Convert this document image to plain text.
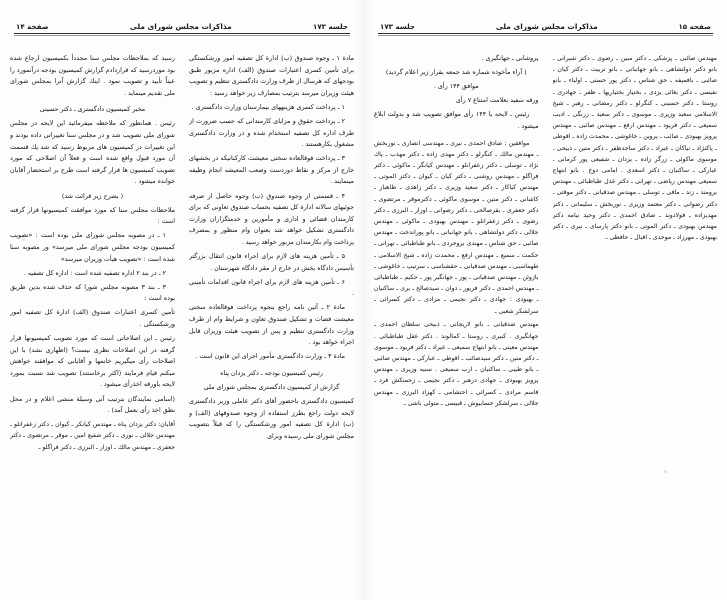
صفحه ۱۵
مذاکرات مجلس شورای ملی
جلسه ۱۷۳

مهندس صائبی ـ پزشکی ـ دكتر مبین ـ رضوی ـ دكتر شیرانی ـ بانو دكتر دولتشاهی ـ بانو جهانبانی ـ بانو تربیت ـ دكتر کیان ـ صائبی ـ بافمیفه ـ حق شناس ـ دكتر پور حسنی ـ اولیاء ـ بانو نفیسی ـ دكتر بغائی یزدی ـ بختیار بختیاریها ـ ظفر ـ جهادری ـ روستا ـ دكتر حسینی ـ كنگرلو ـ دكتر رمضانی ـ رهبر ـ شیخ الاسلامی سعید وزیری ـ موسوی ـ دكتر سعید ـ زرنگی ـ ادیب سمیعی ـ دكتر فریود ـ مهندس ارفع ـ مهندس صائبی ـ مهندس پرویز بهبودی ـ صائب ـ پروین ـ خاغوشی ـ محمدت زاده ـ اقوطی ـ پاکنژاد ـ نیاکان ـ عیراد ـ دكتر ساجدظفر ـ دكتر متین ـ ذبیحی ـ موسوی ماکوئی ـ زرگر زاده ـ یزدان ـ شفیعی پور کرمانی ـ عبارکی ـ ساکنیان ـ دكتر اسعدی . امامی دوخ . بانو ابتهاج سمیعی مهندس ریاضی ـ تهرانی ـ دكتر عدل طباطبائی ـ مهندس برومند ـ زند ـ مافی ـ توسلی ـ مهندس صدقیانی ـ دكتر موقتی ـ دكتر رضوانی ـ دكتر معتمد وزیری ـ نوربخش ـ سلیمانی ـ دكتر مهدیزاده ـ فولادوند ـ صادق احمدی ـ دكتر وحید نیامه دكتر مهندس بهبودی ـ دكتر الموتی ـ بانو دكتر پارسای ـ نیری ـ دكتر بهبودی ـ مهرزاد ـ موحدی ـ اقبال ـ حافظی ـ

پروشانی ـ جهانگیری .

( آراء مأخوذه شماره شد جمعه بقرار زیر اعلام گردید)

موافق ۱۴۴ رأی .

ورقه سفید بعلامت امتناع ۷ رأی

رئیس ـ لایحه با ۱۴۴ رأی موافق تصویب شد و بدولت ابلاغ میشود .

موافقین : صادق احمدی ـ نیری ـ مهندسی انصاری ـ نوربخش ـ مهندس مالك ـ كنگرلو ـ دكتر مهدی زاده ـ دكتر مهذب ـ پاك نژاد ـ توسلی ـ دكتر زعفرانلو ـ مهندس كیانگر ـ ماکوئی ـ دكتر فراگلو ـ مهندس روشنی ـ دكتر کیان ـ كیوان ـ دكتر الموتی ـ مهندس كیاکار ـ دكتر سعید وزیری ـ دكتر زاهدی ـ طاهباز ـ کاشانی ـ دكتر متین ـ موسوی ماکوئی ـ دکترموقر ـ مرتضوی ـ دكتر جعفری ـ بقرصالحی ـ دكتر رضوانی ـ اوزار ـ البرزی ـ دكتر رضوی ـ دكتر زعفرانلو ـ مهندس بهبودی ـ ماكوئی ـ مهندس جلالی ـ دكتر دولتشاهی ـ بانو جهانبانی ـ بانو پوراندخت ـ مهندس صائبی ـ حق شناس ـ مهندی بروجردی ـ بانو طباطبائی ـ تهرانی ـ حکمت ـ سمیع ـ مهندس ارفع ـ محمدت زاده ـ شیخ الاسلامی ـ طهماسبی ـ مهندس صدقیانی ـ حقشناسی ـ سرتیپ ـ خاغوشی ـ باژوئن ـ مهندس صدقیانی ـ پور ـ جهانگیر پور ـ حکیم ـ طباطبائی ـ مهندس احمدی ـ دكتر فریور ـ دوان ـ سیدصالح ـ بری ـ ساکنیان ـ بهبودی : جهادی ـ دكتر نجیمی ـ مرادی ـ دكتر کسرائی ـ سرلشکر شغبی ـ

مهندس صدقیانی ـ بانو لاریجانی ـ ذبیحی سلطان احمدی ـ جهانگیری . کبیری ـ روستا ـ کمالوند . دکتر عقل طباطبائی . مهندس معینی ـ بانو ابتهاج سمیعی ـ عیراد ـ دكتر فریود ـ موسوی ـ دكتر متین ـ دكتر سیدصائب ـ اقوطی ـ عبارکی ـ مهندس صائبی ـ بانو طیبی ـ ساکنیان ـ ارب سمیعی . سنیه وزیری ـ مهندس پرویز بهبودی ـ جهادی درهبر ـ دكتر نجیمی ـ زحمتکش فرد ـ قاسم مرادی ـ كسرائی ـ احتشامی ـ کهزاد البرزی ـ مهندس جلالی ـ سرلشکر حسابیوش ـ قبیسی ـ متولی باشی ـ

جلسه ۱۷۳
مذاکرات مجلس شورای ملی
صفحة ۱۴

مادة ۱ ـ وجوه صندوق (ب) ادارة كل تصفیه امور ورشکستگی برای تأمین کسری اعتبارات صندوق (الف) اداره مزبور طبق بودجهای که هرسال از طرف وزارت دادگستری تنظیم و تصویب هیئت وزیران میرسد بترتیب بمصارف زیر خواهد رسید :

۱ ـ پرداخت کسری هزینههای بیمارستان وزارت دادگستری .

۲ ـ پرداخت حقوق و مزایای کارمندانی که حسب ضرورت از طرف اداره كل تصفیه استخدام شده و در وزارت دادگستری مشغول بکارهستند .

۳ ـ پرداخت فوقالعاده سختی معیشت کارکنانیکه در بخشهای خارج از مرکز و نقاط دوردست وصعب المعیشه انجام وظیفه مینمایند .

۴ ـ قسمتی از وجوه صندوق (ب) وجوه حاصل از صرفه جوئیهای سالانه ادارة كل تصفیه بحساب صندوق تعاونی که برای کارمندان قضائی و اداری و مأمورین و خدمتگزاران وزارت دادگستری تشکیل خواهد شد بعنوان وام منظور و بمصرف پرداخت وام بکارمندان مزبور خواهد رسید .

۵ ـ تأمین هزینه های لازم برای اجراء قانون انتقال بزرگتر تأسیس دادگاه بخش در خارج از مقر دادگاه شهرستان .

۶ ـ تأمین هزینه های لازم برای اجراء قانون اقدامات تأمینی .

مادة ۲ ـ آئین نامه راجع بنحوه پرداخت فوقالعاده سختی معیشت قضات و تشکیل صندوق تعاون و شرایط وام از طرف وزارت دادگستری تنظیم و پس از تصویب هیئت وزیران قابل اجراء خواهد بود .

مادة ۳ ـ وزارت دادگستری مأمور اجرای این قانون است .

رئیس کمیسیون بودجه ـ دكتر یزدان پناه

گزارش از کمیسیون دادگستری بمجلس شورای ملی

کمیسیون دادگستری باحضور آقای دكتر عاملی وزیر دادگستری لایحه دولت راجع بطرز استفاده از وجوه صندوقهای (الف) و (ب) ادارة كل تصفیه امور ورشکستگی را که قبلاً بتصویب مجلس شورای ملی رسیده وبرای

رسید که بملاحظات مجلس سنا مجددأ بکمیسیون ارجاع شده بود موردرسید که قراردادم گزارش کمیسیون بودجه درآنمورد را عیناً تأیید و تصویب نمود . اینك گزارش آنرا بمجلس شورای ملی تقدیم مینماید .

مخبر کمیسیون دادگستری ـ دكتر حسینی

رئیس . همانطور که ملاحظه میفرمائید این لایحه در مجلس شورای ملی تصویب شد و در مجلس سنا تغییراتی داده بودند و این تغییرات در کمیسیون های مربوط رسید که شد یك قسمت آن مورد قبول واقع شده است و فعلاً آن اصلاحی که مورد تصویب کمیسیون ها قرار گرفته است طرح بر استحضار آقایان خوانده میشود .

( بشرح زیر قرائت شد)

ملاحظات مجلس سنا که مورد موافقت کمیسیونها قرار گرفته است :

۱ ـ در مصوبه مجلس شورای ملی بوده است : «تصویب کمیسیون بودجه مجلس شورای ملی میرسد» ور مصوبه سنا شده است : «تصویب هیأت وزیران میرسد»

۲ ـ در بند ۲ اداره تصفیه شده است : اداره كل تصفیه .

۳ ـ بند ۳ مصوبه مجلس شورا که حذف شده بدین طریق بوده است :

تأمین کسری اعتبارات صندوق (الف) ادارة كل تصفیه امور ورشکستگی .

رئیس ـ این اصلاحاتی است که مورد تصویب کمیسیونها قرار گرفته در این اصلاحات نظری نیست؟ (اظهاری نشد) با این اصلاحات رأی میگیریم خانمها و آقایانی که موافقند خواهش میکنم قیام فرمایند (اکثر برخاستند) تصویب شد نسبت بمورد لایحه باورقه اخذرأی میشود .

(اسامی نمایندگان بترتیب آتی وسیلة منشی اعلام و در محل نطق اخذ رأی بعمل آمد) .

آقایان: دكتر یزدان پناه ـ مهندس کیانکر ـ کیوان ـ دكتر زعفرانلو ـ مهندس جلالی ـ نوری ـ دكتر شفیع امین ـ موقر ـ مرتضوی ـ دكتر جعفری ـ مهندس مالك ـ اوزار ـ البرزی ـ دكتر فراگلو ـ
